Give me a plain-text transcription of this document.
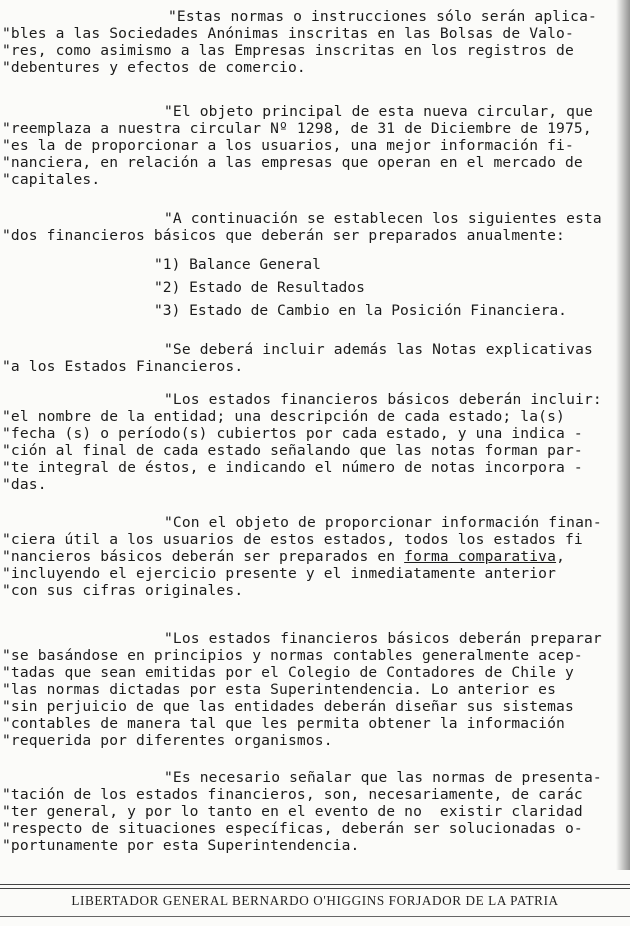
"Estas normas o instrucciones sólo serán aplica-
"bles a las Sociedades Anónimas inscritas en las Bolsas de Valo-
"res, como asimismo a las Empresas inscritas en los registros de
"debentures y efectos de comercio.
"El objeto principal de esta nueva circular, que
"reemplaza a nuestra circular Nº 1298, de 31 de Diciembre de 1975,
"es la de proporcionar a los usuarios, una mejor información fi-
"nanciera, en relación a las empresas que operan en el mercado de
"capitales.
"A continuación se establecen los siguientes esta
"dos financieros básicos que deberán ser preparados anualmente:
"1) Balance General
"2) Estado de Resultados
"3) Estado de Cambio en la Posición Financiera.
"Se deberá incluir además las Notas explicativas
"a los Estados Financieros.
"Los estados financieros básicos deberán incluir:
"el nombre de la entidad; una descripción de cada estado; la(s)
"fecha (s) o período(s) cubiertos por cada estado, y una indica -
"ción al final de cada estado señalando que las notas forman par-
"te integral de éstos, e indicando el número de notas incorpora -
"das.
"Con el objeto de proporcionar información finan-
"ciera útil a los usuarios de estos estados, todos los estados fi
"nancieros básicos deberán ser preparados en forma comparativa,
"incluyendo el ejercicio presente y el inmediatamente anterior
"con sus cifras originales.
"Los estados financieros básicos deberán preparar
"se basándose en principios y normas contables generalmente acep-
"tadas que sean emitidas por el Colegio de Contadores de Chile y
"las normas dictadas por esta Superintendencia. Lo anterior es
"sin perjuicio de que las entidades deberán diseñar sus sistemas
"contables de manera tal que les permita obtener la información
"requerida por diferentes organismos.
"Es necesario señalar que las normas de presenta-
"tación de los estados financieros, son, necesariamente, de carác
"ter general, y por lo tanto en el evento de no  existir claridad
"respecto de situaciones específicas, deberán ser solucionadas o-
"portunamente por esta Superintendencia.
LIBERTADOR GENERAL BERNARDO O'HIGGINS FORJADOR DE LA PATRIA
